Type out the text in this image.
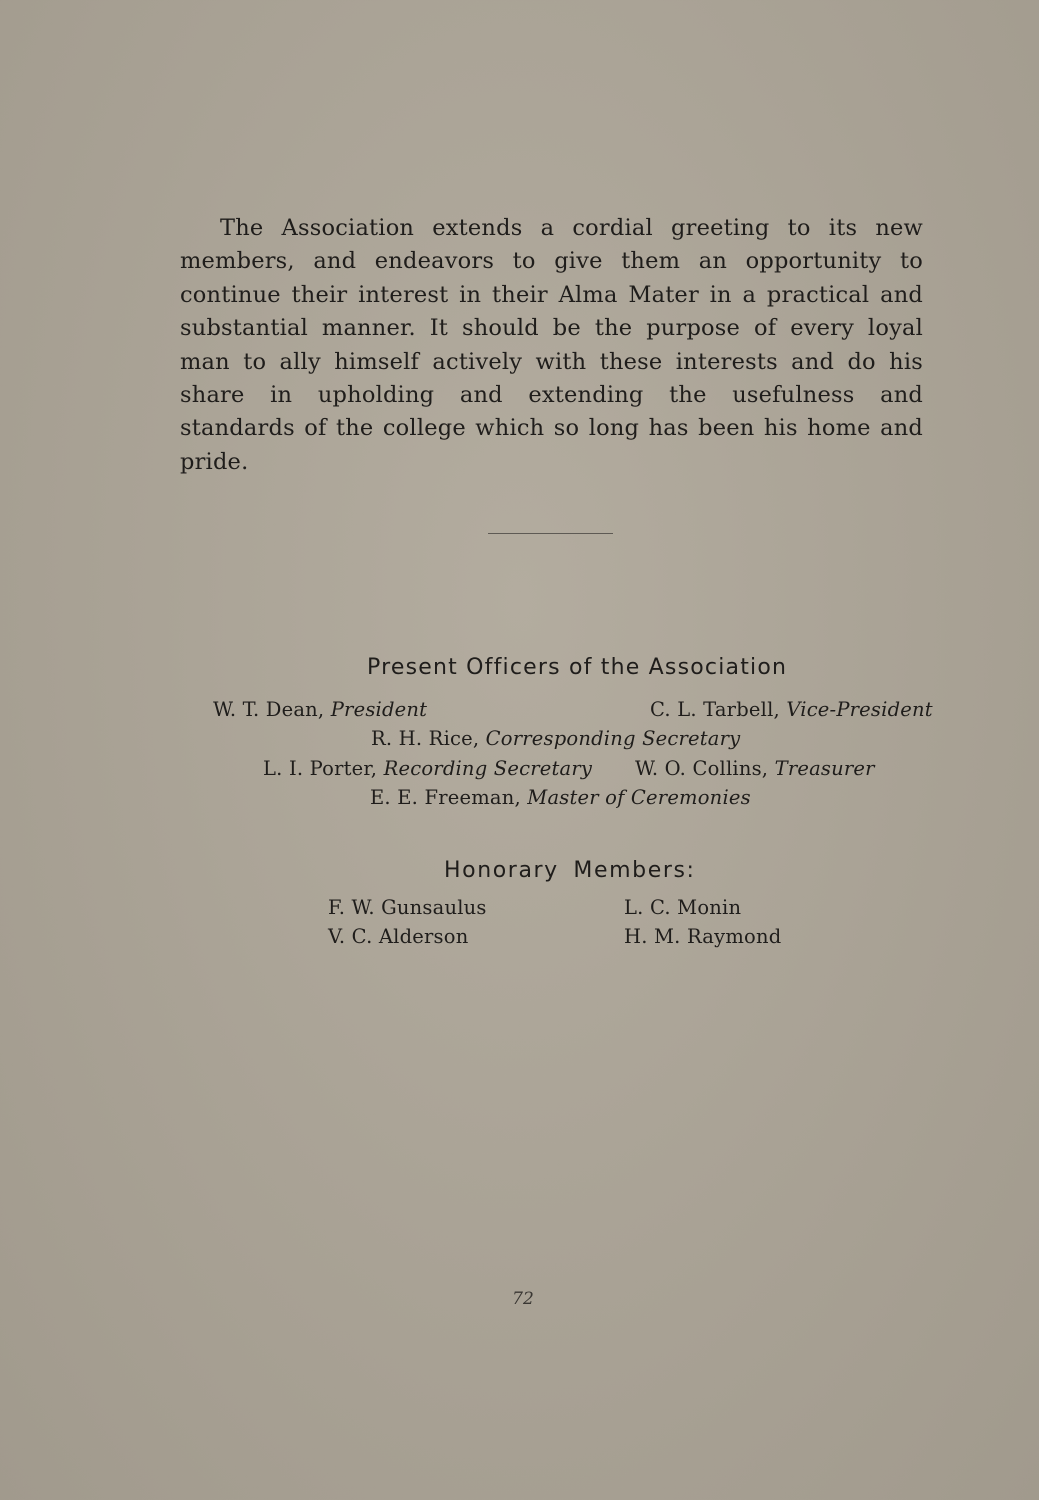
The Association extends a cordial greeting to its new members, and endeavors to give them an opportunity to continue their interest in their Alma Mater in a practical and substantial manner. It should be the purpose of every loyal man to ally himself actively with these interests and do his share in upholding and extending the usefulness and standards of the college which so long has been his home and pride.

Present Officers of the Association
W. T. Dean, President	C. L. Tarbell, Vice-President
R. H. Rice, Corresponding Secretary
L. I. Porter, Recording Secretary W. O. Collins, Treasurer
E. E. Freeman, Master of Ceremonies
Honorary Members:
F. W. Gunsaulus	L. C. Monin
V. C. Alderson	H. M. Raymond
72
